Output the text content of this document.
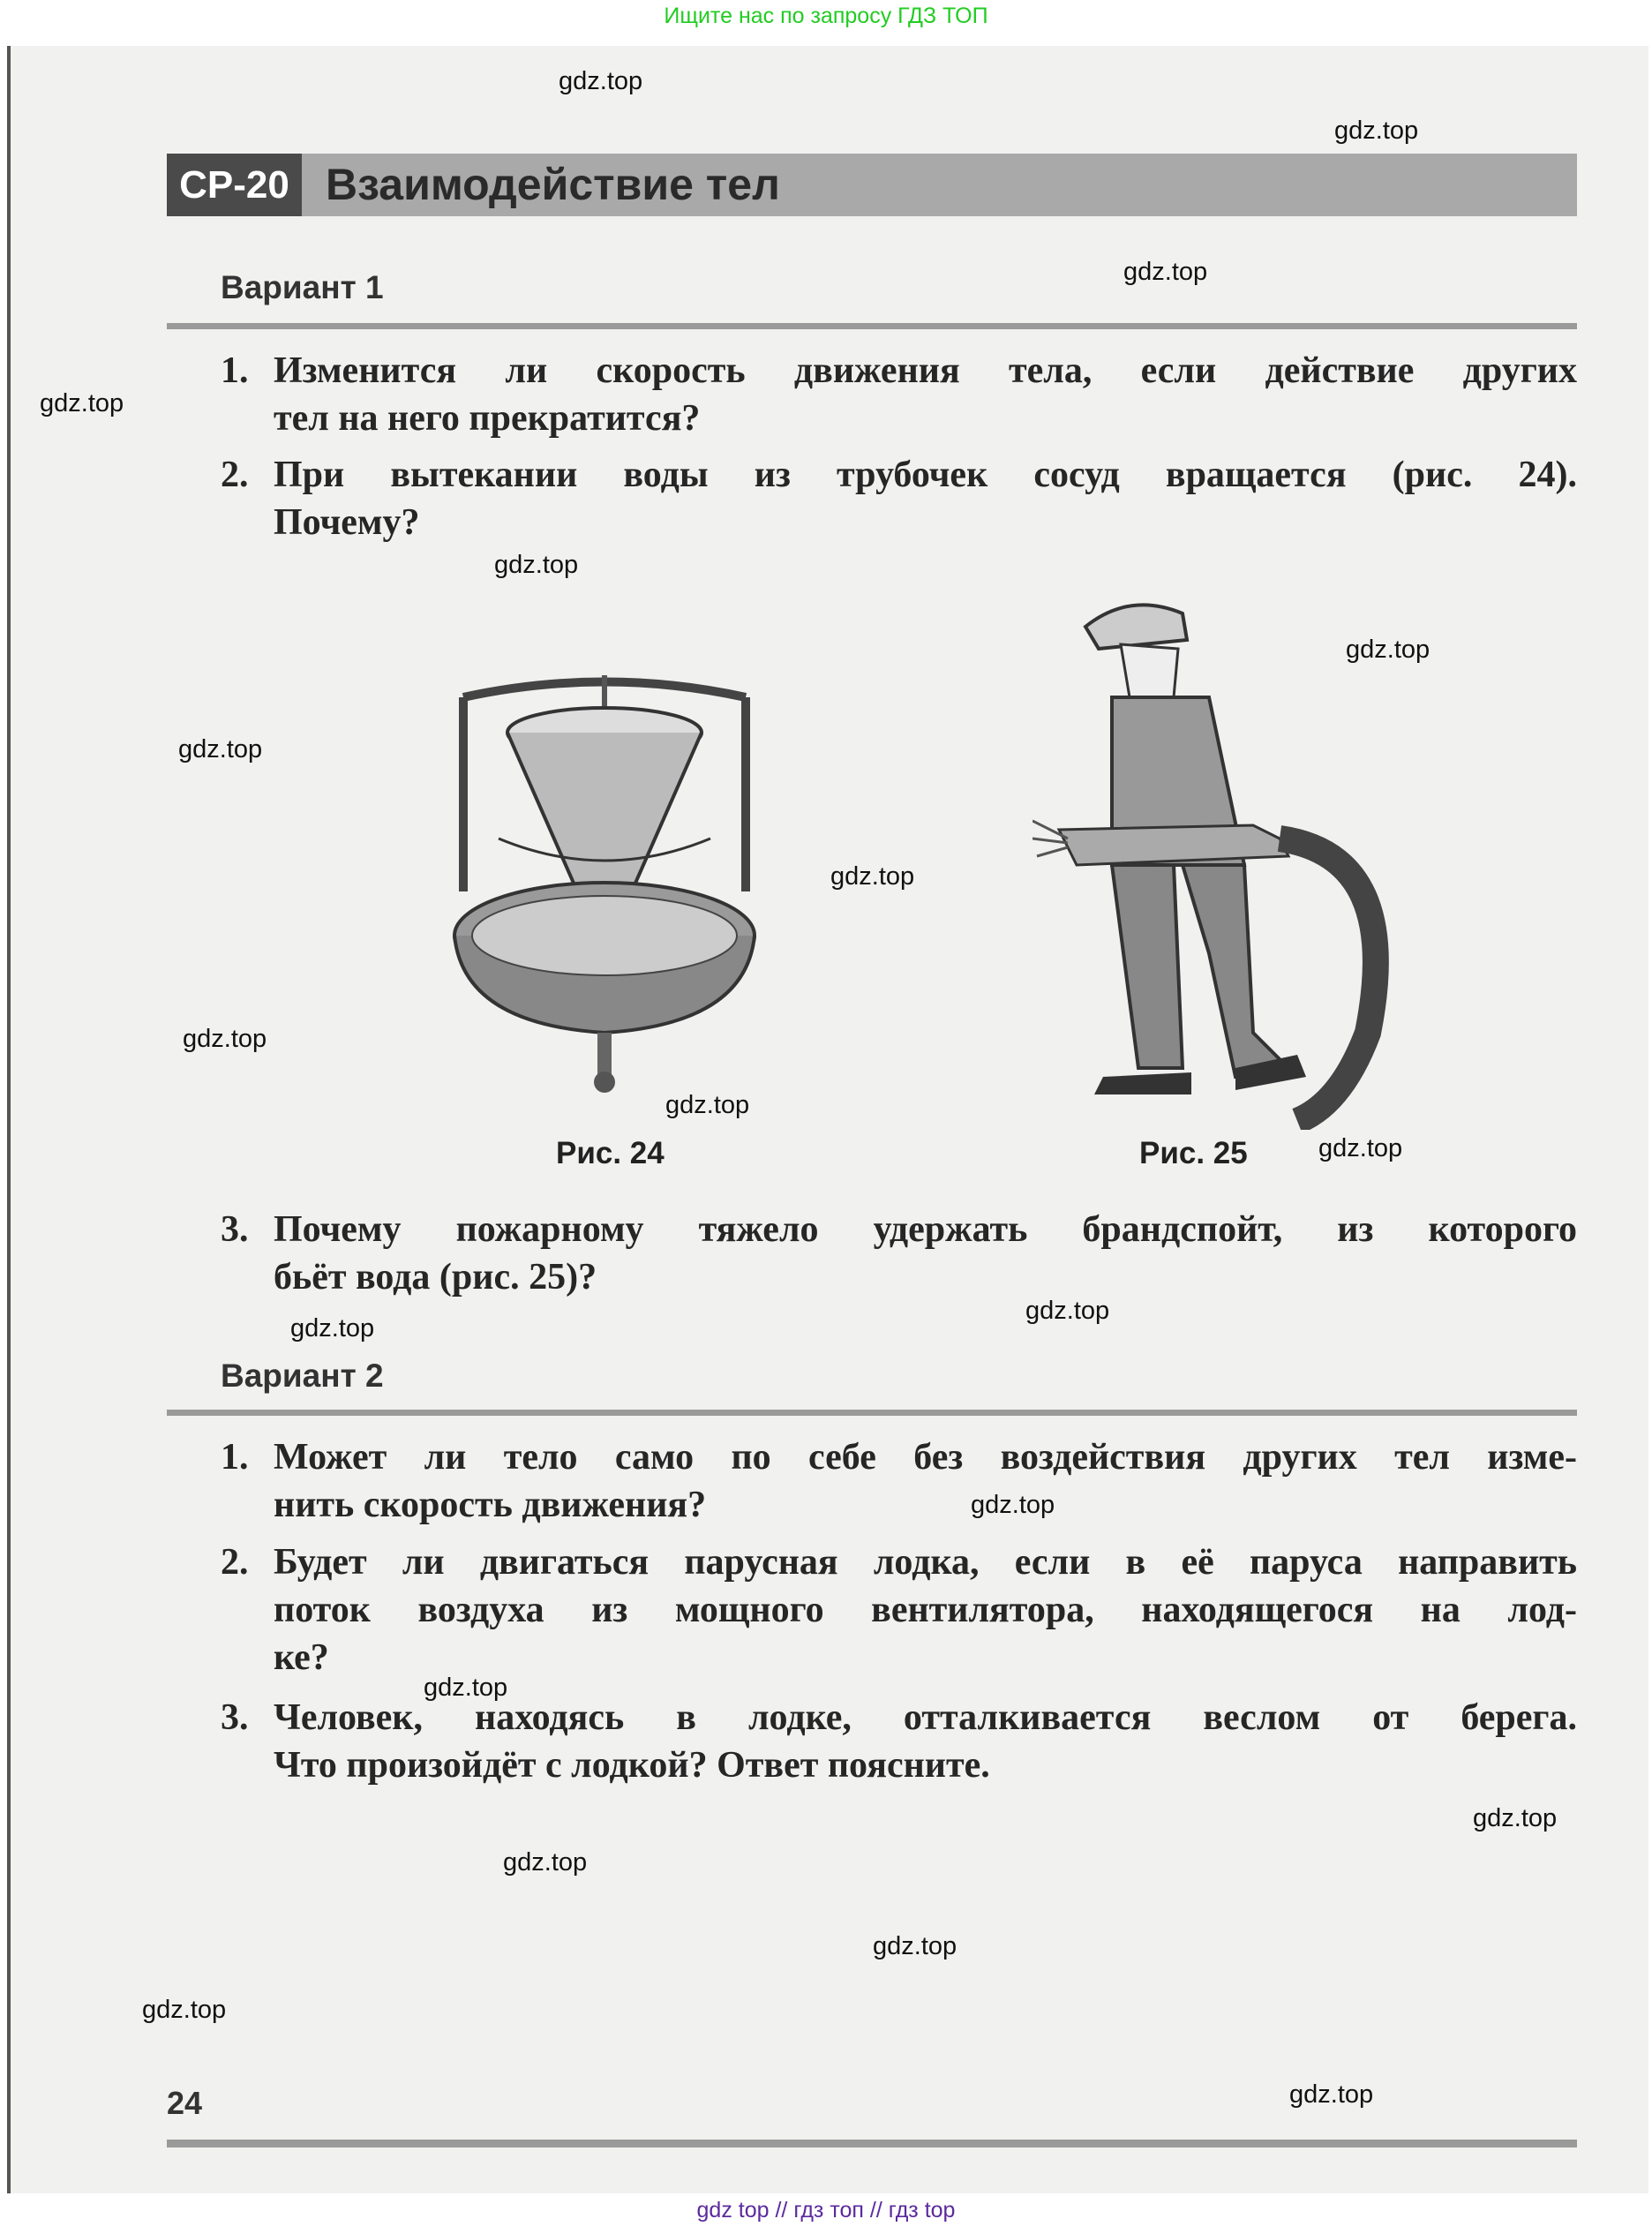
Ищите нас по запросу ГДЗ ТОП
СР-20 Взаимодействие тел
Вариант 1
1. Изменится ли скорость движения тела, если действие других
тел на него прекратится?
2. При вытекании воды из трубочек сосуд вращается (рис. 24).
Почему?
Рис. 24	Рис. 25
3. Почему пожарному тяжело удержать брандспойт, из которого
бьёт вода (рис. 25)?
Вариант 2
1. Может ли тело само по себе без воздействия других тел изме-
нить скорость движения?
2. Будет ли двигаться парусная лодка, если в её паруса направить
поток воздуха из мощного вентилятора, находящегося на лод-
ке?
3. Человек, находясь в лодке, отталкивается веслом от берега.
Что произойдёт с лодкой? Ответ поясните.
24
gdz.top
gdz.top
gdz.top
gdz.top
gdz.top
gdz.top
gdz.top
gdz.top
gdz.top
gdz.top
gdz.top
gdz.top
gdz.top
gdz.top
gdz.top
gdz.top
gdz.top
gdz.top
gdz.top
gdz.top
gdz top // гдз топ // гдз top
